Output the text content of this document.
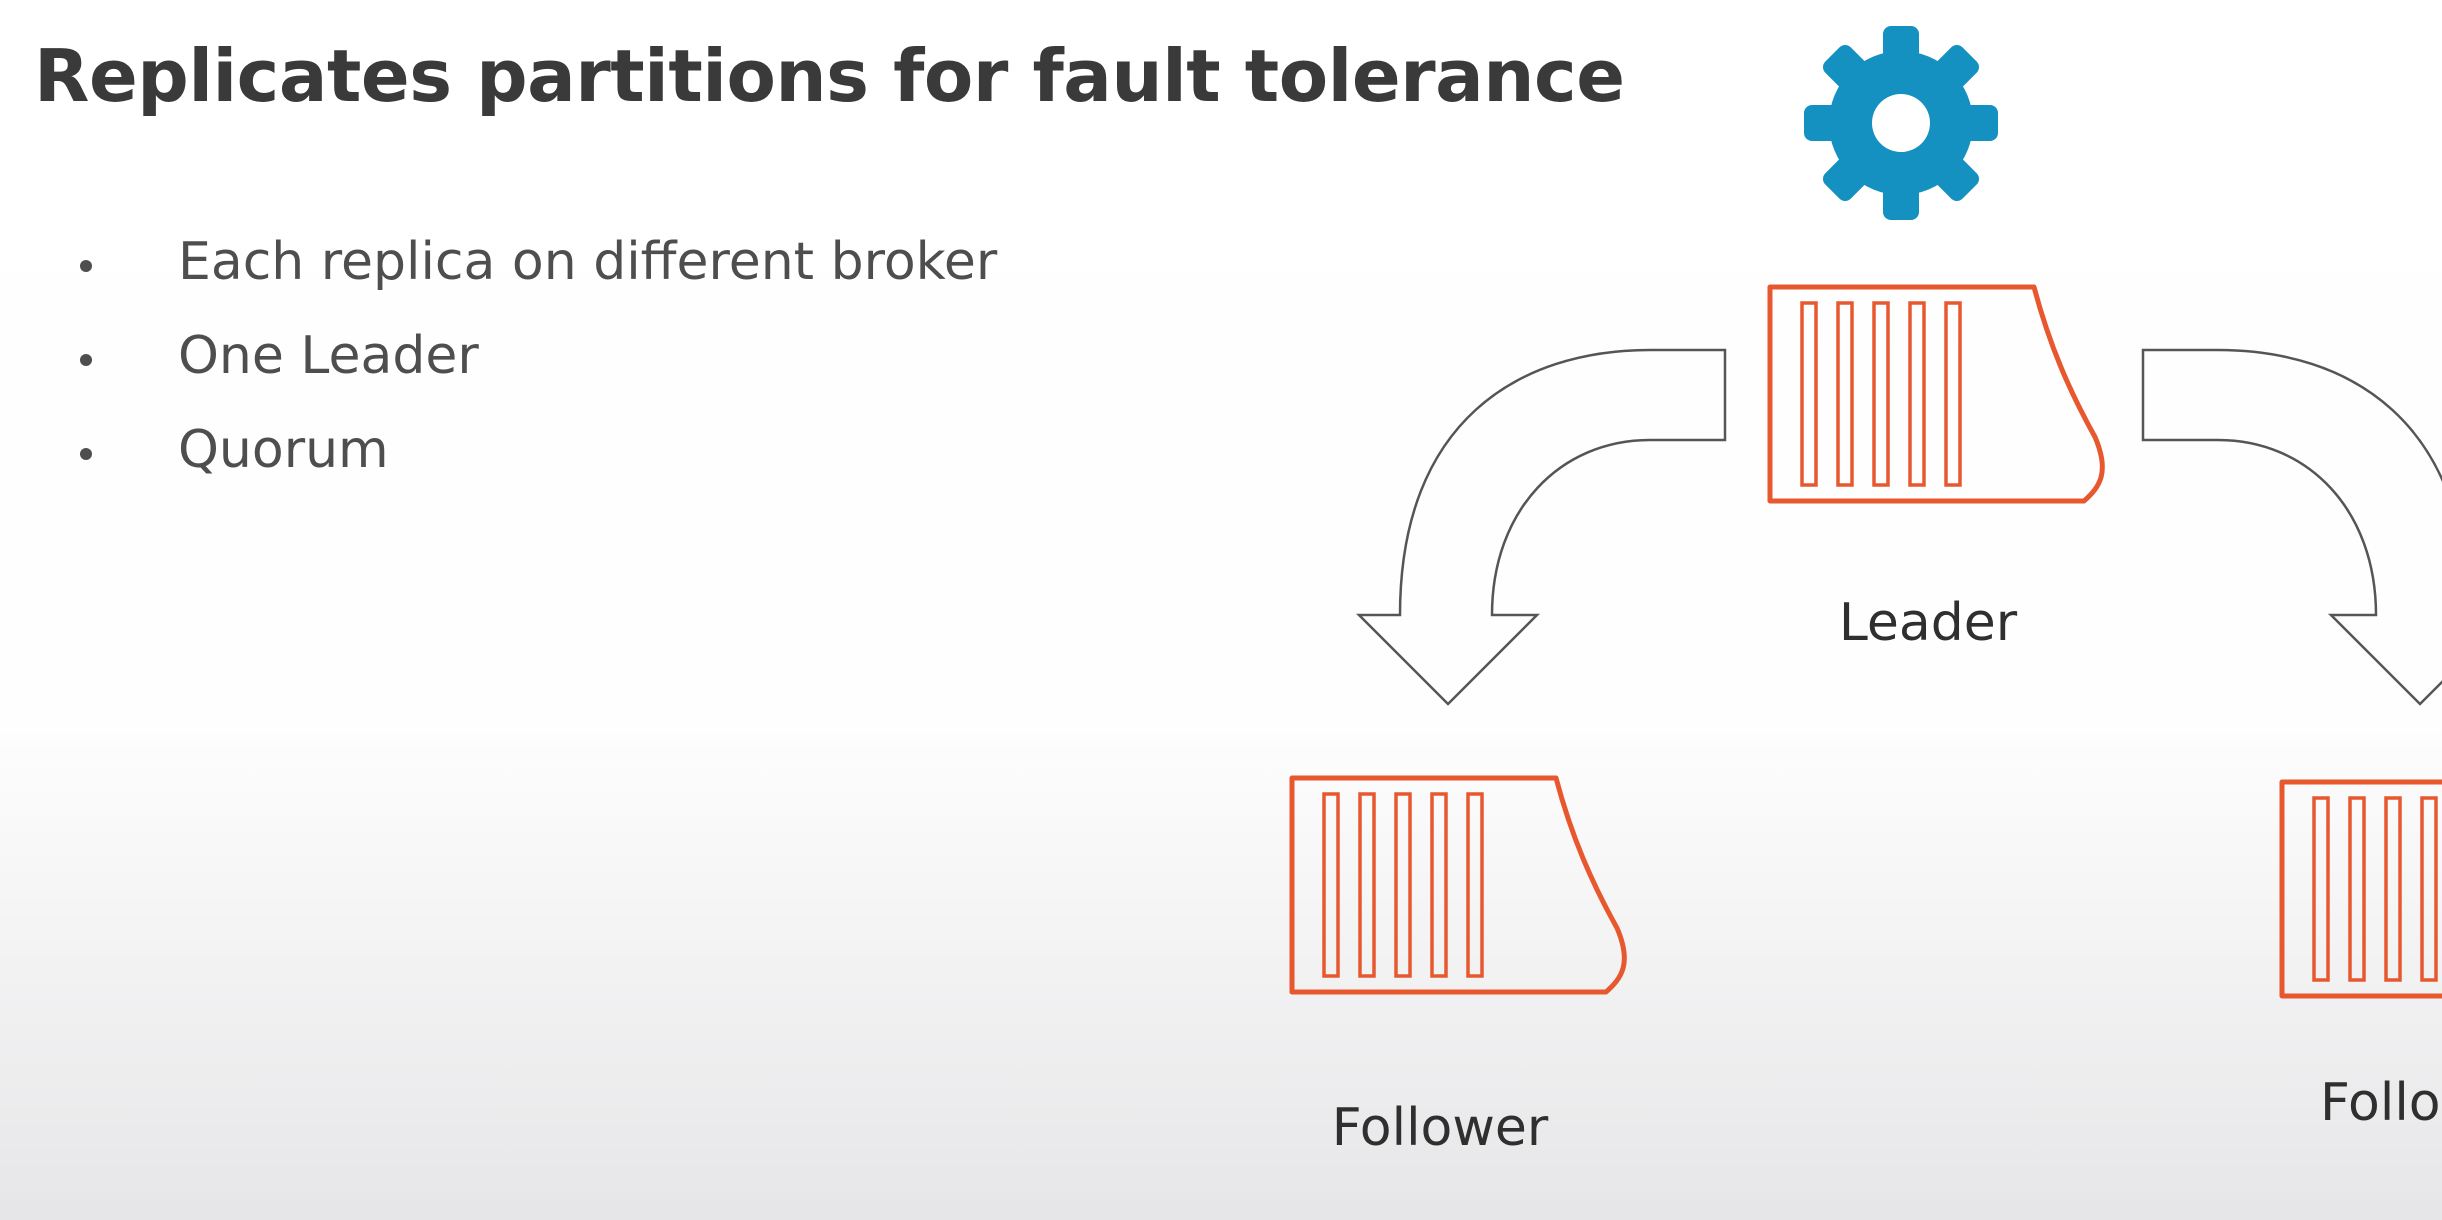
Replicates partitions for fault tolerance
Each replica on different broker
One Leader
Quorum
Leader
Follower	Follo
